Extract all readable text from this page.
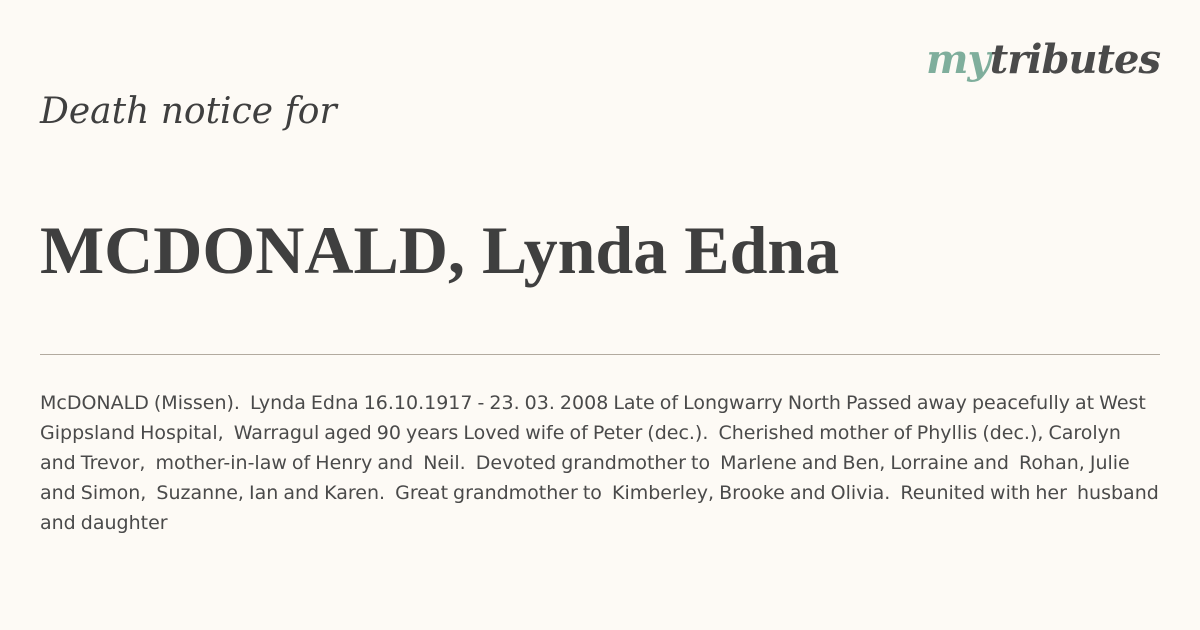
mytributes
Death notice for
MCDONALD, Lynda Edna
McDONALD (Missen).  Lynda Edna 16.10.1917 - 23. 03. 2008 Late of Longwarry North Passed away peacefully at West Gippsland Hospital,  Warragul aged 90 years Loved wife of Peter (dec.).  Cherished mother of Phyllis (dec.), Carolyn and Trevor,  mother-in-law of Henry and  Neil.  Devoted grandmother to  Marlene and Ben, Lorraine and  Rohan, Julie and Simon,  Suzanne, Ian and Karen.  Great grandmother to  Kimberley, Brooke and Olivia.  Reunited with her  husband and daughter
